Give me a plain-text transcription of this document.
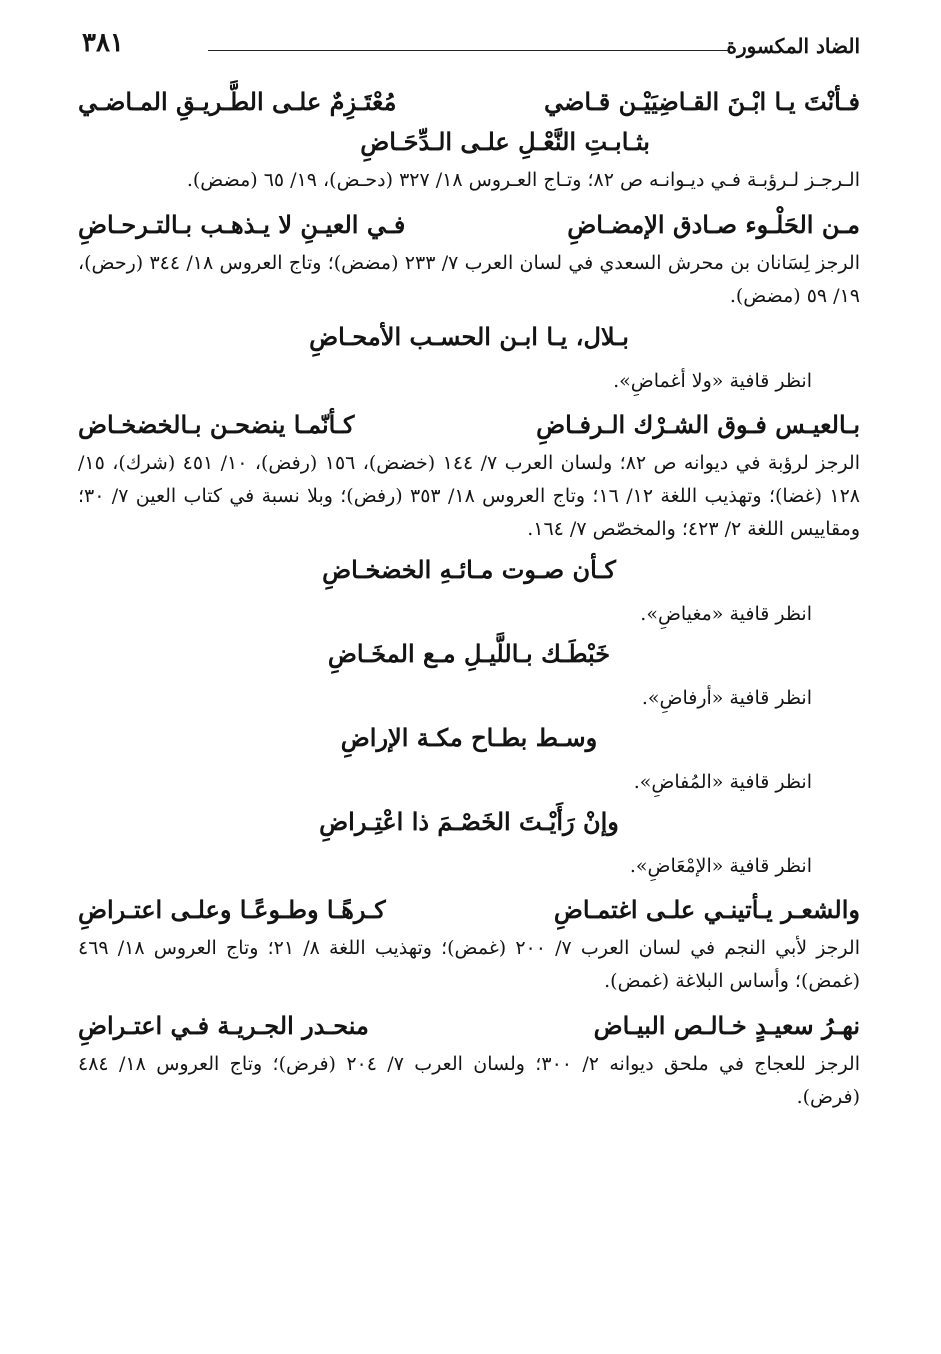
الضاد المكسورة
٣٨١
فـأنْتَ يـا ابْـنَ القـاضِيَيْـن قـاضي
مُعْتَـزِمٌ علـى الطَّـريـقِ المـاضـي
بثـابـتِ النَّعْـلِ علـى الـدِّحَـاضِ
الـرجـز لـرؤبـة فـي ديـوانـه ص ٨٢؛ وتـاج العـروس ١٨/ ٣٢٧ (دحـض)، ١٩/ ٦٥ (مضض).
مـن الحَلْـوء صـادق الإمضـاضِ
فـي العيـنِ لا يـذهـب بـالتـرحـاضِ
الرجز لِسَانان بن محرش السعدي في لسان العرب ٧/ ٢٣٣ (مضض)؛ وتاج العروس ١٨/ ٣٤٤ (رحض)، ١٩/ ٥٩ (مضض).
بـلال، يـا ابـن الحسـب الأمحـاضِ
انظر قافية «ولا أغماضِ».
بـالعيـس فـوق الشـرْك الـرفـاضِ
كـأنّمـا ينضحـن بـالخضخـاض
الرجز لرؤبة في ديوانه ص ٨٢؛ ولسان العرب ٧/ ١٤٤ (خضض)، ١٥٦ (رفض)، ١٠/ ٤٥١ (شرك)، ١٥/ ١٢٨ (غضا)؛ وتهذيب اللغة ١٢/ ١٦؛ وتاج العروس ١٨/ ٣٥٣ (رفض)؛ وبلا نسبة في كتاب العين ٧/ ٣٠؛ ومقاييس اللغة ٢/ ٤٢٣؛ والمخصّص ٧/ ١٦٤.
كـأن صـوت مـائـهِ الخضخـاضِ
انظر قافية «مغياضِ».
خَبْطَـك بـاللَّيـلِ مـع المخَـاضِ
انظر قافية «أرفاضِ».
وسـط بطـاح مكـة الإراضِ
انظر قافية «المُفاضِ».
وإنْ رَأَيْـتَ الخَصْـمَ ذا اعْتِـراضِ
انظر قافية «الإمْعَاضِ».
والشعـر يـأتينـي علـى اغتمـاضِ
كـرهًـا وطـوعًـا وعلـى اعتـراضِ
الرجز لأبي النجم في لسان العرب ٧/ ٢٠٠ (غمض)؛ وتهذيب اللغة ٨/ ٢١؛ وتاج العروس ١٨/ ٤٦٩ (غمض)؛ وأساس البلاغة (غمض).
نهـرُ سعيـدٍ خـالـص البيـاض
منحـدر الجـريـة فـي اعتـراضِ
الرجز للعجاج في ملحق ديوانه ٢/ ٣٠٠؛ ولسان العرب ٧/ ٢٠٤ (فرض)؛ وتاج العروس ١٨/ ٤٨٤ (فرض).
